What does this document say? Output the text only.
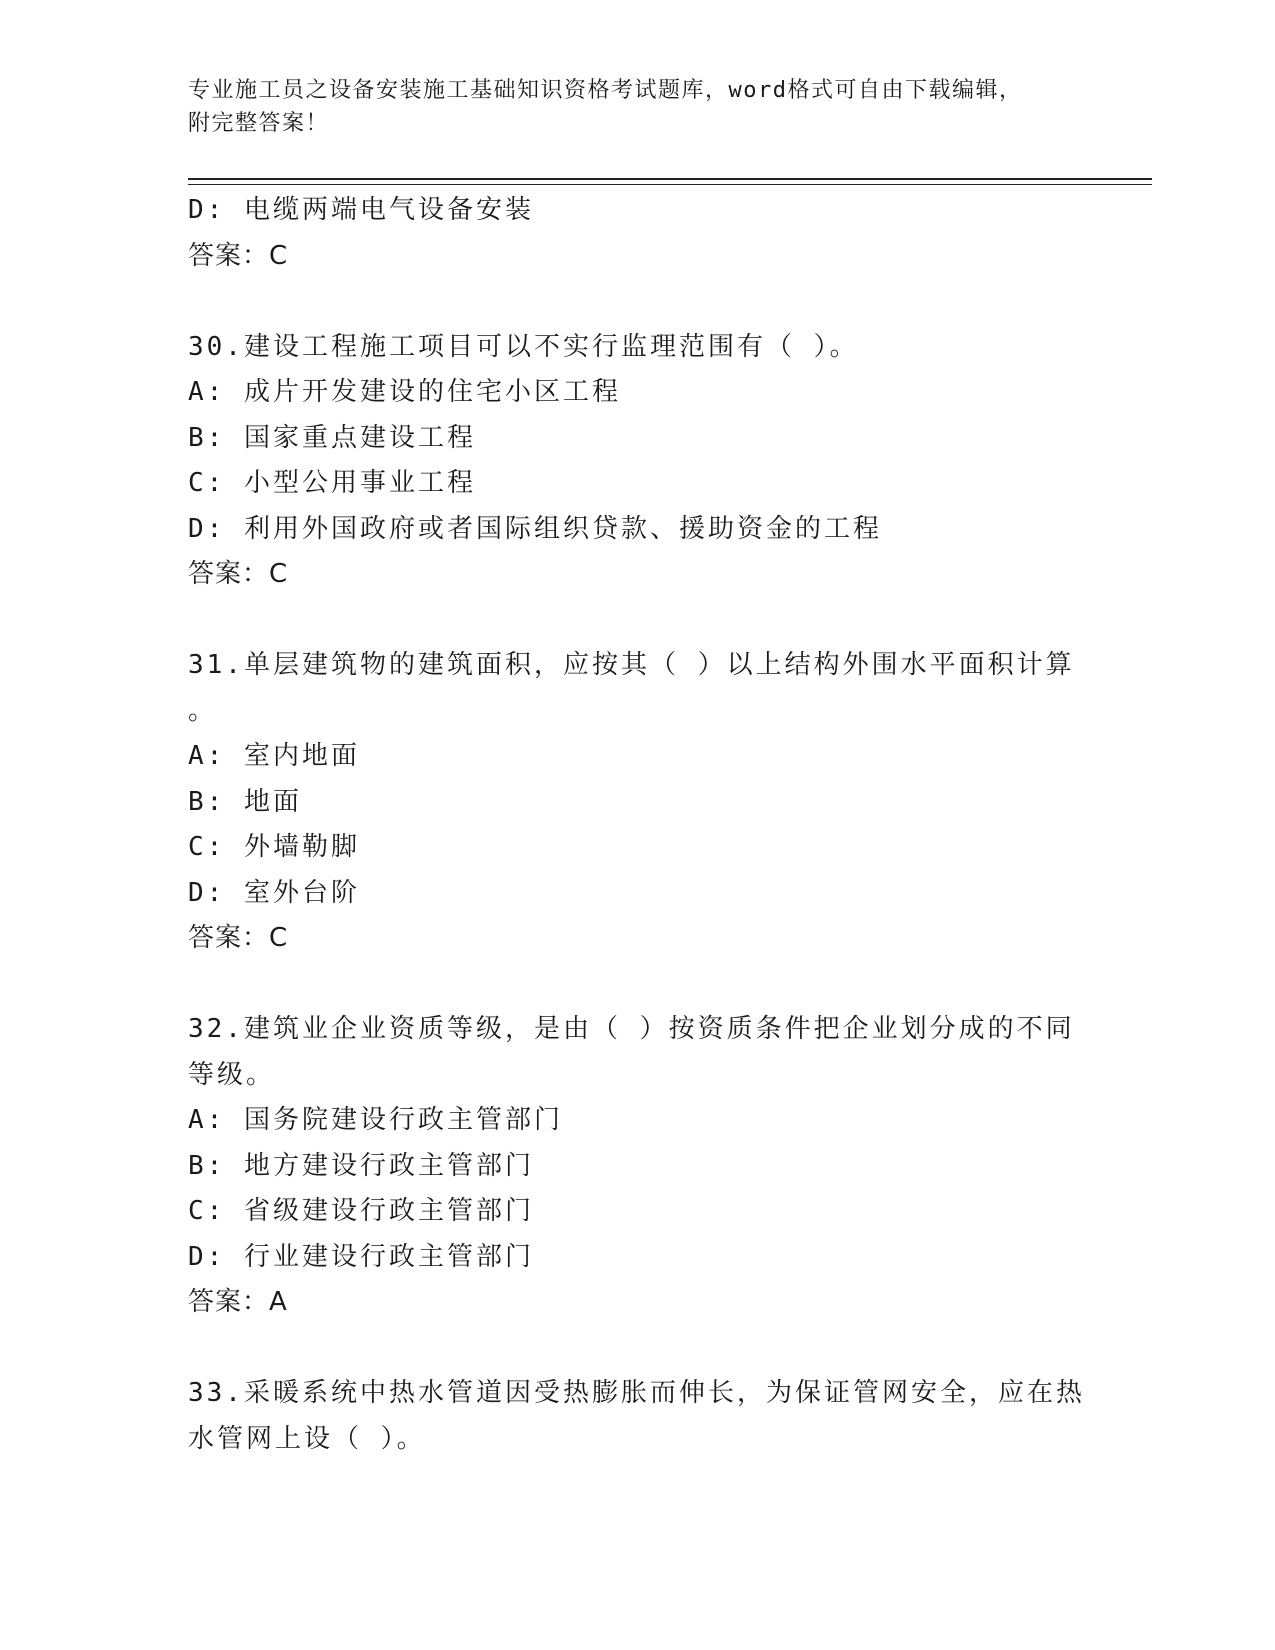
专业施工员之设备安装施工基础知识资格考试题库，word格式可自由下载编辑，
附完整答案！
D: 电缆两端电气设备安装
答案：C
30.建设工程施工项目可以不实行监理范围有（ ）。
A: 成片开发建设的住宅小区工程
B: 国家重点建设工程
C: 小型公用事业工程
D: 利用外国政府或者国际组织贷款、援助资金的工程
答案：C
31.单层建筑物的建筑面积，应按其（ ）以上结构外围水平面积计算
。
A: 室内地面
B: 地面
C: 外墙勒脚
D: 室外台阶
答案：C
32.建筑业企业资质等级，是由（ ）按资质条件把企业划分成的不同
等级。
A: 国务院建设行政主管部门
B: 地方建设行政主管部门
C: 省级建设行政主管部门
D: 行业建设行政主管部门
答案：A
33.采暖系统中热水管道因受热膨胀而伸长，为保证管网安全，应在热
水管网上设（ ）。
